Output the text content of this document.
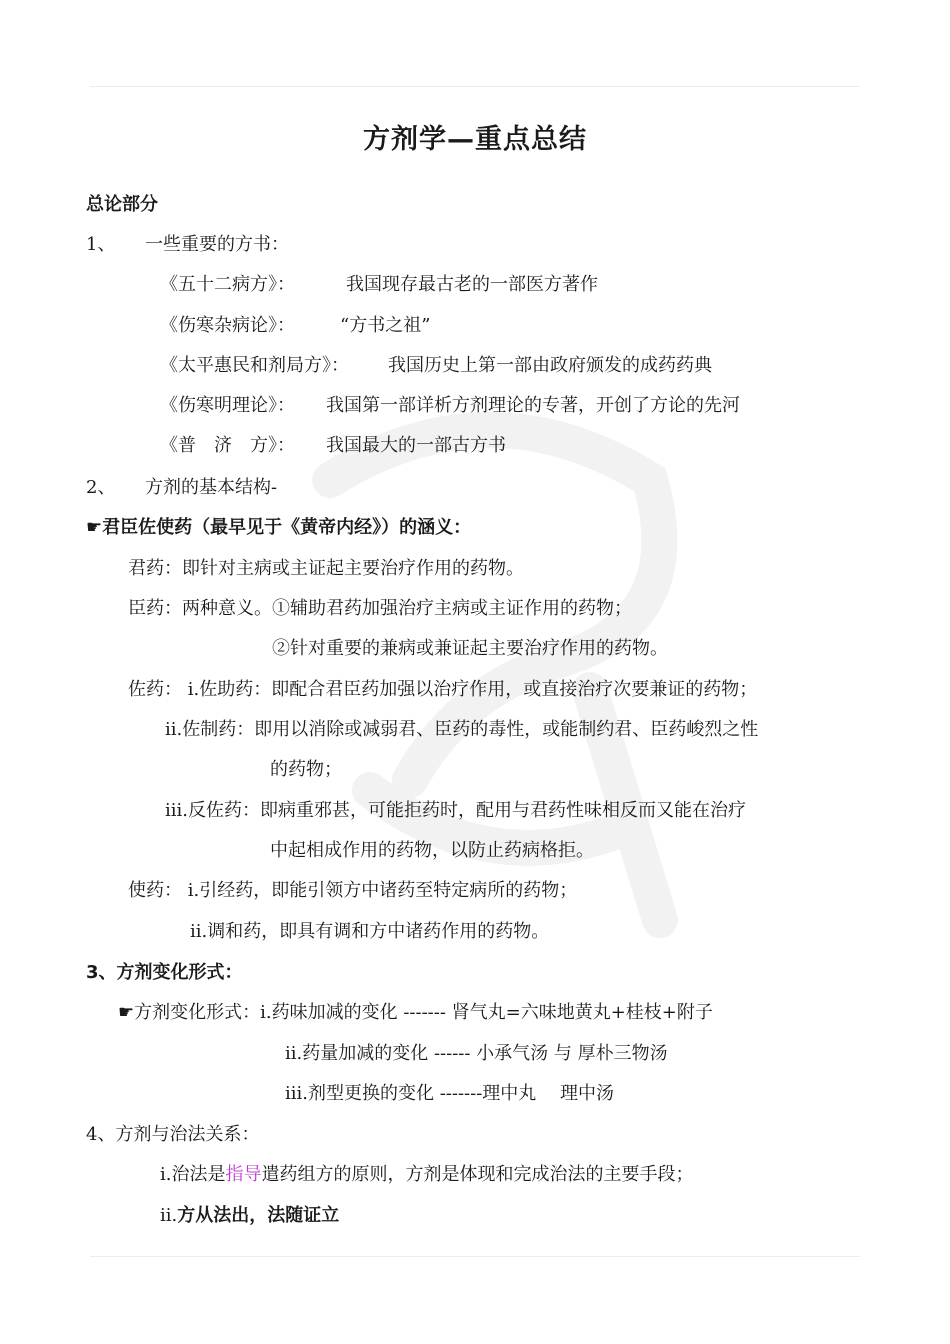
方剂学—重点总结
总论部分
1、 一些重要的方书：
《五十二病方》：	我国现存最古老的一部医方著作
《伤寒杂病论》：	“方书之祖”
《太平惠民和剂局方》： 我国历史上第一部由政府颁发的成药药典
《伤寒明理论》： 我国第一部详析方剂理论的专著，开创了方论的先河
《普　济　方》： 我国最大的一部古方书
2、 方剂的基本结构-
☛君臣佐使药（最早见于《黄帝内经》）的涵义：
君药：即针对主病或主证起主要治疗作用的药物。
臣药：两种意义。①辅助君药加强治疗主病或主证作用的药物；
②针对重要的兼病或兼证起主要治疗作用的药物。
佐药： i.佐助药：即配合君臣药加强以治疗作用，或直接治疗次要兼证的药物；
ii.佐制药：即用以消除或减弱君、臣药的毒性，或能制约君、臣药峻烈之性
的药物；
iii.反佐药：即病重邪甚，可能拒药时，配用与君药性味相反而又能在治疗
中起相成作用的药物，以防止药病格拒。
使药： i.引经药，即能引领方中诸药至特定病所的药物；
ii.调和药，即具有调和方中诸药作用的药物。
3、方剂变化形式：
☛方剂变化形式：i.药味加减的变化 ------- 肾气丸=六味地黄丸+桂枝+附子
ii.药量加减的变化 ------ 小承气汤 与 厚朴三物汤
iii.剂型更换的变化 -------理中丸　 理中汤
4、方剂与治法关系：
i.治法是指导遣药组方的原则，方剂是体现和完成治法的主要手段；
ii.方从法出，法随证立
